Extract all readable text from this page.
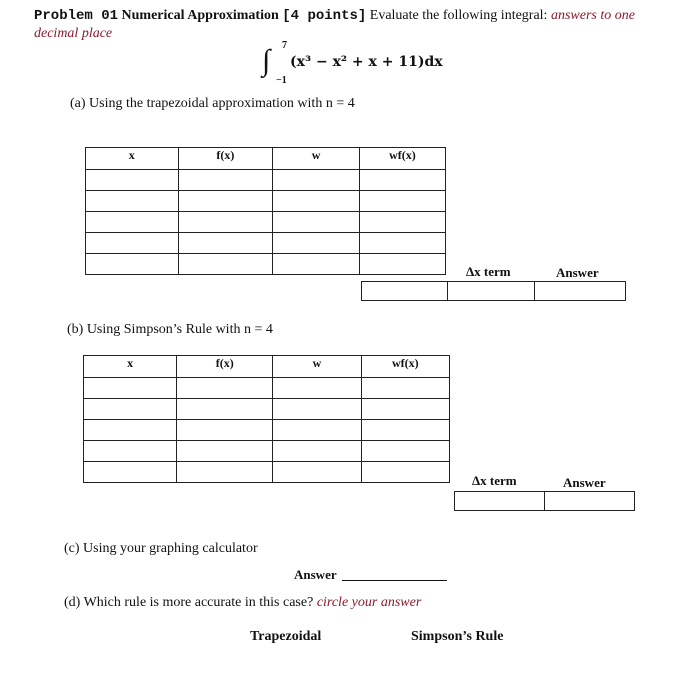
Problem 01 Numerical Approximation [4 points] Evaluate the following integral: answers to one
decimal place
∫ 7
−1
(x³ − x² + x + 11)dx
(a) Using the trapezoidal approximation with n = 4
x	f(x)	w	wf(x)

Δx term	Answer
(b) Using Simpson’s Rule with n = 4
x	f(x)	w	wf(x)

Δx term	Answer
(c) Using your graphing calculator
Answer
(d) Which rule is more accurate in this case? circle your answer
Trapezoidal	Simpson’s Rule
